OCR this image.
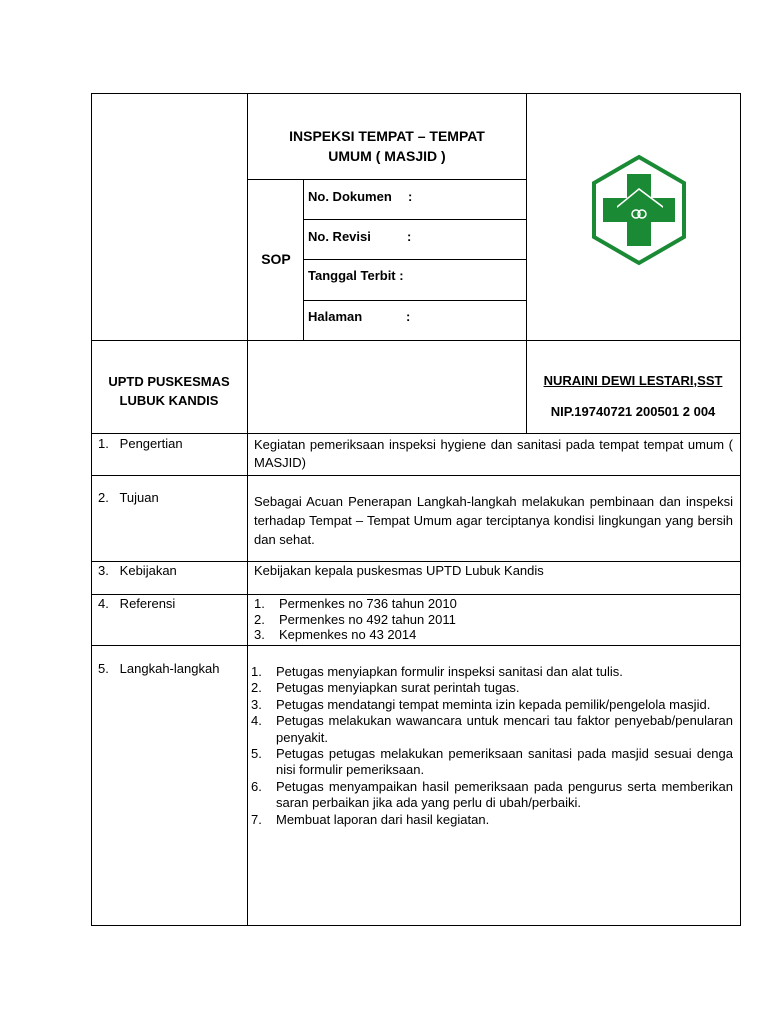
INSPEKSI TEMPAT – TEMPAT
UMUM ( MASJID )
SOP
No. Dokumen :
No. Revisi	:
Tanggal Terbit :
Halaman	:
UPTD PUSKESMAS
LUBUK KANDIS
NURAINI DEWI LESTARI,SST
NIP.19740721 200501 2 004
1.   Pengertian	Kegiatan pemeriksaan inspeksi hygiene dan sanitasi pada tempat tempat umum ( MASJID)
2.   Tujuan	Sebagai Acuan Penerapan Langkah-langkah melakukan pembinaan dan inspeksi terhadap Tempat – Tempat Umum agar terciptanya kondisi lingkungan yang bersih dan sehat.
3.   Kebijakan	Kebijakan kepala puskesmas UPTD Lubuk Kandis
4.   Referensi	1. Permenkes no 736 tahun 2010
2. Permenkes no 492 tahun 2011
3. Kepmenkes no 43 2014
5.   Langkah-langkah	1. Petugas menyiapkan formulir inspeksi sanitasi dan alat tulis.
2. Petugas menyiapkan surat perintah tugas.
3. Petugas mendatangi tempat meminta izin kepada pemilik/pengelola masjid.
4. Petugas melakukan wawancara untuk mencari tau faktor penyebab/penularan penyakit.
5. Petugas petugas melakukan pemeriksaan sanitasi pada masjid sesuai denga nisi formulir pemeriksaan.
6. Petugas menyampaikan hasil pemeriksaan pada pengurus serta memberikan saran perbaikan jika ada yang perlu di ubah/perbaiki.
7. Membuat laporan dari hasil kegiatan.
